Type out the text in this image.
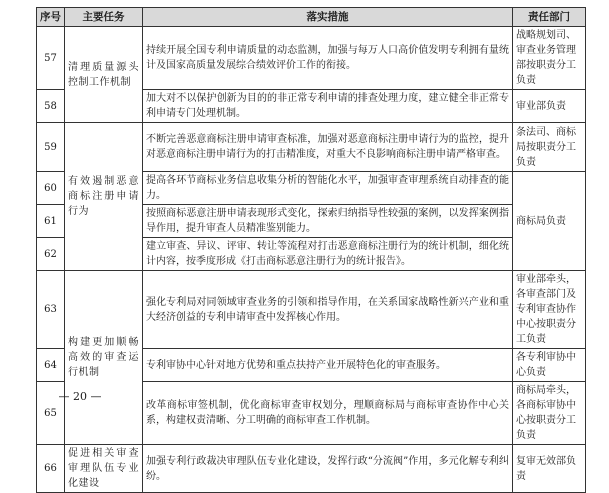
序号	主要任务	落实措施	责任部门
57	清理质量源头控制工作机制	持续开展全国专利申请质量的动态监测，加强与每万人口高价值发明专利拥有量统计及国家高质量发展综合绩效评价工作的衔接。	战略规划司、审查业务管理部按职责分工负责
58		加大对不以保护创新为目的的非正常专利申请的排查处理力度，建立健全非正常专利申请专门处理机制。	审业部负责
59	有效遏制恶意商标注册申请行为	不断完善恶意商标注册申请审查标准，加强对恶意商标注册申请行为的监控，提升对恶意商标注册申请行为的打击精准度，对重大不良影响商标注册申请严格审查。	条法司、商标局按职责分工负责
60		提高各环节商标业务信息收集分析的智能化水平，加强审查审理系统自动排查的能力。	商标局负责
61		按照商标恶意注册申请表现形式变化，探索归纳指导性较强的案例，以发挥案例指导作用，提升审查人员精准鉴别能力。	
62		建立审查、异议、评审、转让等流程对打击恶意商标注册行为的统计机制，细化统计内容，按季度形成《打击商标恶意注册行为的统计报告》。	
63	构建更加顺畅高效的审查运行机制	强化专利局对同领域审查业务的引领和指导作用，在关系国家战略性新兴产业和重大经济创益的专利申请审查中发挥核心作用。	审业部牵头，各审查部门及专利审查协作中心按职责分工负责
64		专利审协中心针对地方优势和重点扶持产业开展特色化的审查服务。	各专利审协中心负责
65		改革商标审签机制，优化商标审查审权划分，理顺商标局与商标审查协作中心关系，构建权责清晰、分工明确的商标审查工作机制。	商标局牵头，各商标审协中心按职责分工负责
66	促进相关审查审理队伍专业化建设	加强专利行政裁决审理队伍专业化建设，发挥行政“分流阀”作用，多元化解专利纠纷。	复审无效部负责
— 20 —
